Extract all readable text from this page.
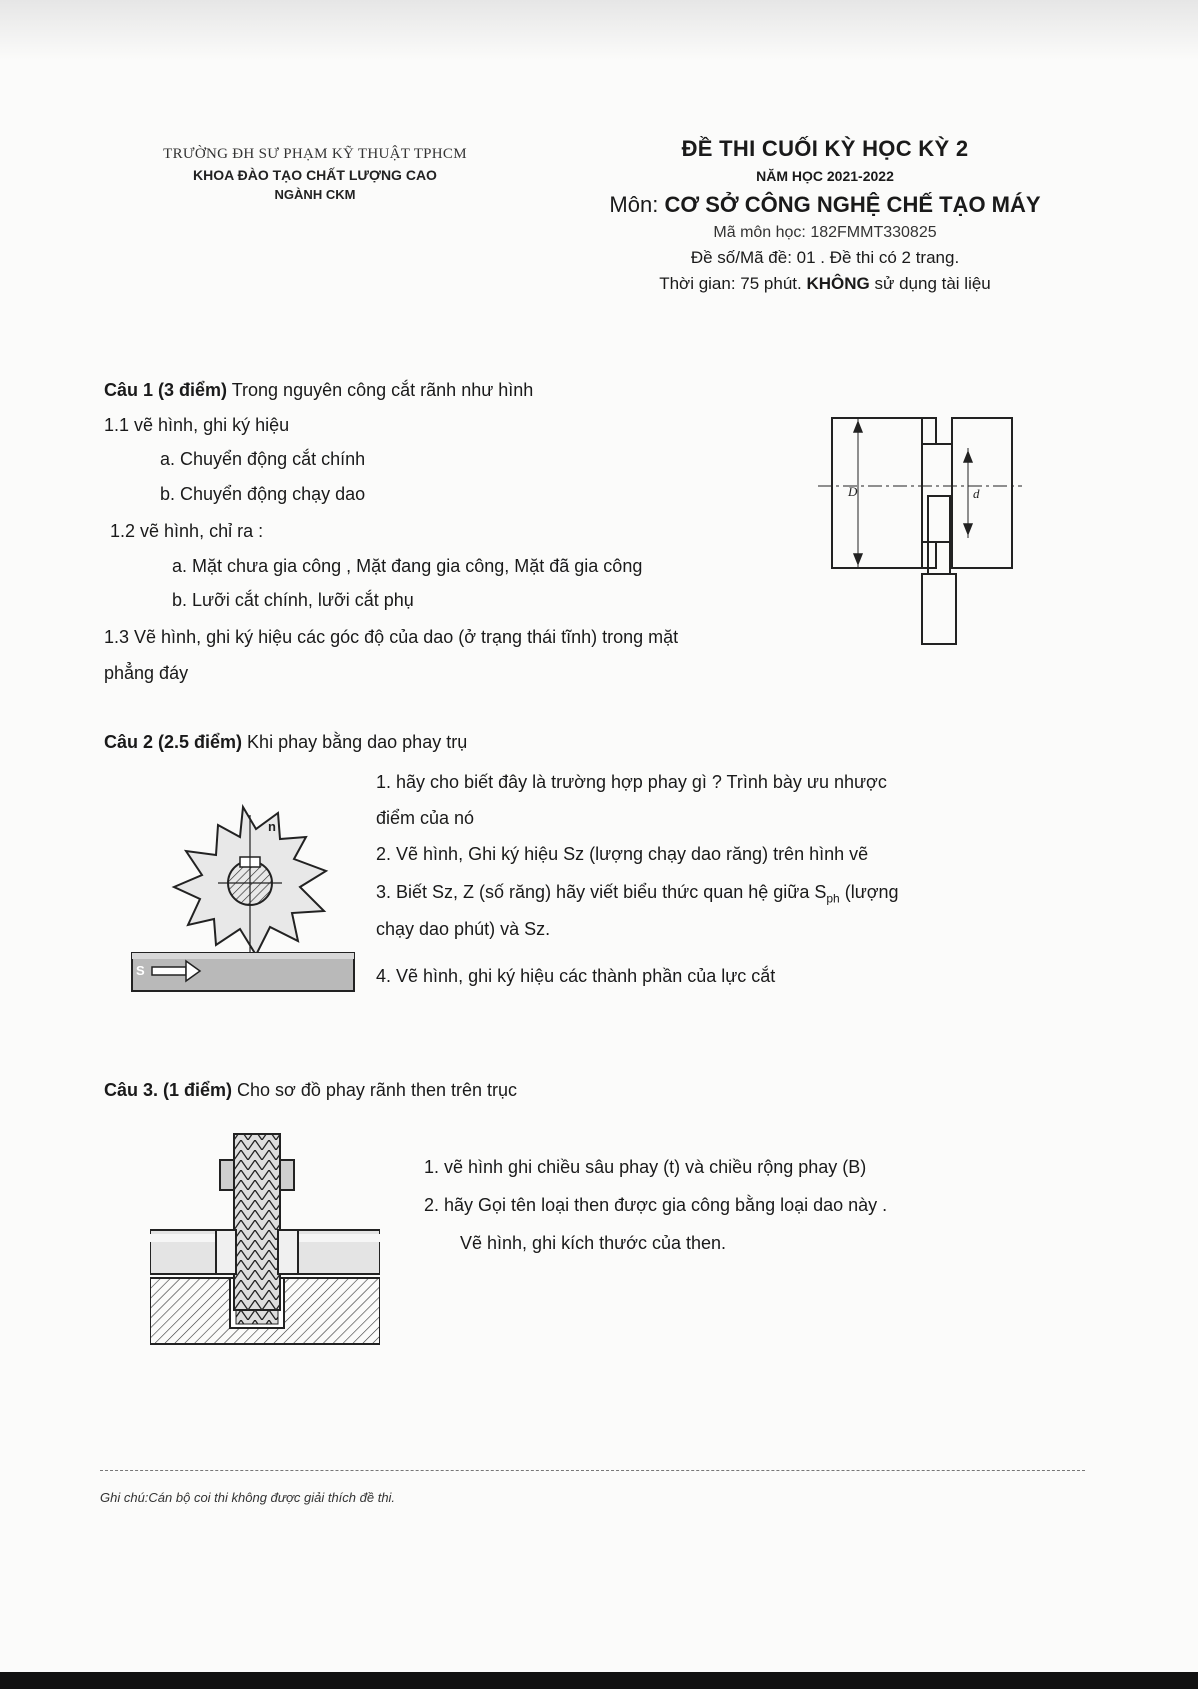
TRƯỜNG ĐH SƯ PHẠM KỸ THUẬT TPHCM
KHOA ĐÀO TẠO CHẤT LƯỢNG CAO
NGÀNH CKM
ĐỀ THI CUỐI KỲ HỌC KỲ 2
NĂM HỌC 2021-2022
Môn: CƠ SỞ CÔNG NGHỆ CHẾ TẠO MÁY
Mã môn học: 182FMMT330825
Đề số/Mã đề: 01 . Đề thi có 2 trang.
Thời gian: 75 phút. KHÔNG sử dụng tài liệu
Câu 1 (3 điểm) Trong nguyên công cắt rãnh như hình
1.1 vẽ hình, ghi ký hiệu
a. Chuyển động cắt chính
b. Chuyển động chạy dao
1.2 vẽ hình, chỉ ra :
a. Mặt chưa gia công , Mặt đang gia công, Mặt đã gia công
b. Lưỡi cắt chính, lưỡi cắt phụ
1.3 Vẽ hình, ghi ký hiệu các góc độ của dao (ở trạng thái tĩnh) trong mặt
phẳng đáy
D	d
Câu 2 (2.5 điểm) Khi phay bằng dao phay trụ
1. hãy cho biết đây là trường hợp phay gì ? Trình bày ưu nhược
điểm của nó
2. Vẽ hình, Ghi ký hiệu Sz (lượng chạy dao răng) trên hình vẽ
3. Biết Sz, Z (số răng) hãy viết biểu thức quan hệ giữa $S_{ph}$ (lượng
chạy dao phút) và Sz.
4. Vẽ hình, ghi ký hiệu các thành phần của lực cắt
n
S
Câu 3. (1 điểm) Cho sơ đồ phay rãnh then trên trục
1. vẽ hình ghi chiều sâu phay (t) và chiều rộng phay (B)
2. hãy Gọi tên loại then được gia công bằng loại dao này .
Vẽ hình, ghi kích thước của then.
Ghi chú:Cán bộ coi thi không được giải thích đề thi.
